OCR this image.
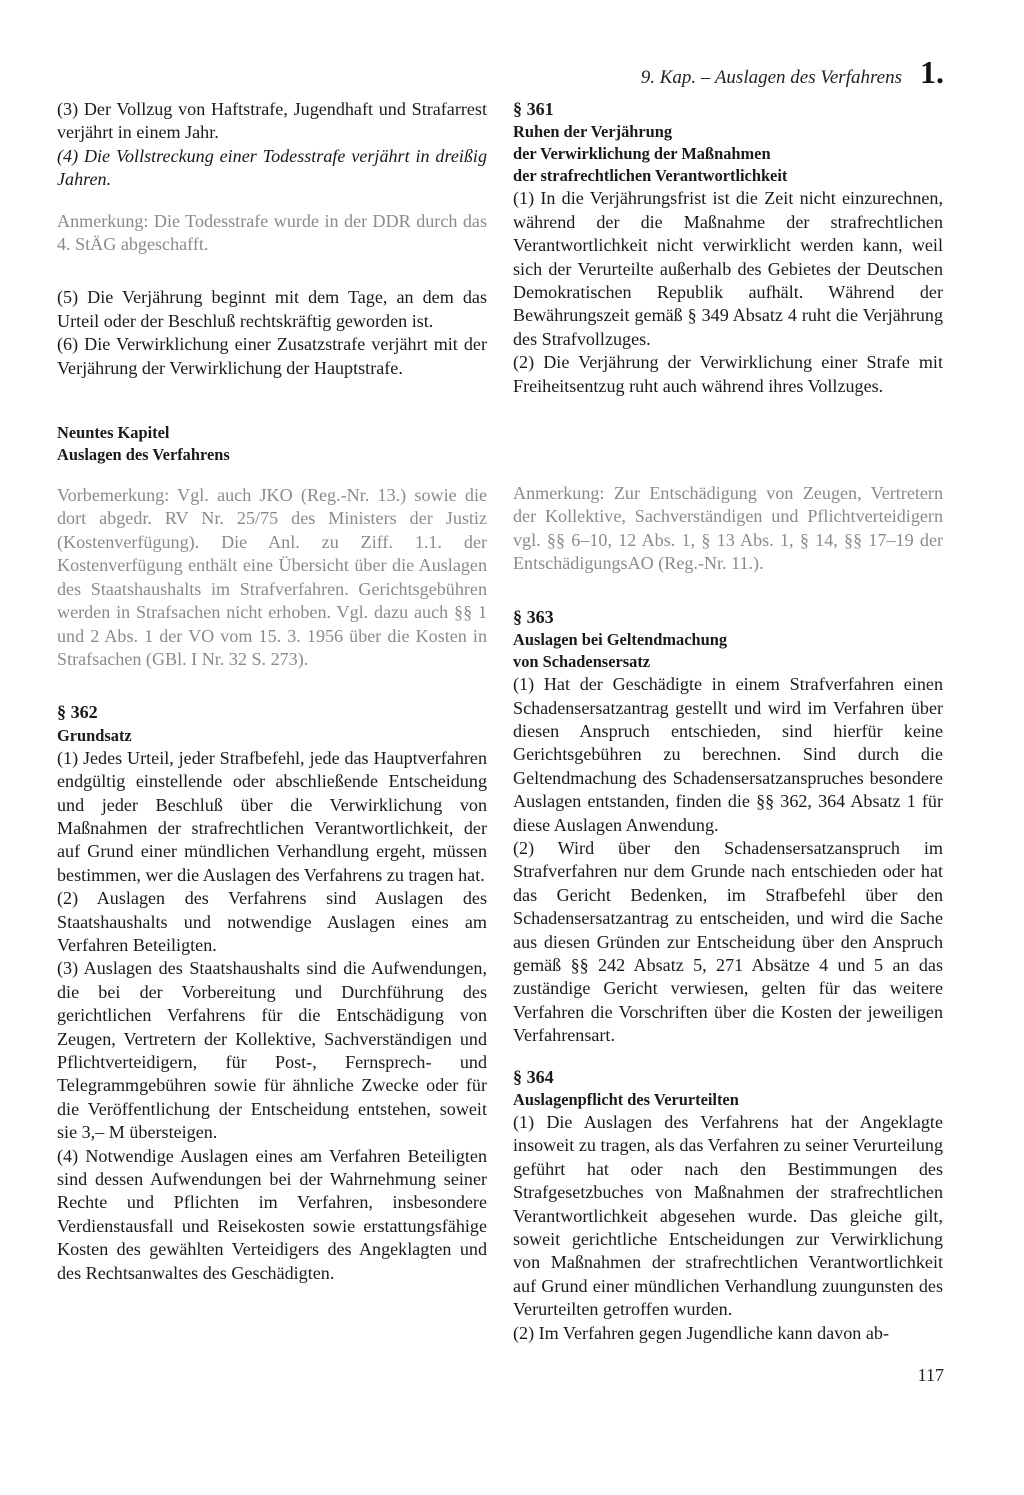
9. Kap. – Auslagen des Verfahrens 1.

(3) Der Vollzug von Haftstrafe, Jugendhaft und Strafarrest verjährt in einem Jahr.

(4) Die Vollstreckung einer Todesstrafe verjährt in dreißig Jahren.

Anmerkung: Die Todesstrafe wurde in der DDR durch das 4. StÄG abgeschafft.

(5) Die Verjährung beginnt mit dem Tage, an dem das Urteil oder der Beschluß rechtskräftig geworden ist.

(6) Die Verwirklichung einer Zusatzstrafe verjährt mit der Verjährung der Verwirklichung der Hauptstrafe.

Neuntes Kapitel

Auslagen des Verfahrens

Vorbemerkung: Vgl. auch JKO (Reg.-Nr. 13.) sowie die dort abgedr. RV Nr. 25/75 des Ministers der Justiz (Kostenverfügung). Die Anl. zu Ziff. 1.1. der Kostenverfügung enthält eine Übersicht über die Auslagen des Staatshaushalts im Strafverfahren. Gerichtsgebühren werden in Strafsachen nicht erhoben. Vgl. dazu auch §§ 1 und 2 Abs. 1 der VO vom 15. 3. 1956 über die Kosten in Strafsachen (GBl. I Nr. 32 S. 273).

§ 362

Grundsatz

(1) Jedes Urteil, jeder Strafbefehl, jede das Hauptverfahren endgültig einstellende oder abschließende Entscheidung und jeder Beschluß über die Verwirklichung von Maßnahmen der strafrechtlichen Verantwortlichkeit, der auf Grund einer mündlichen Verhandlung ergeht, müssen bestimmen, wer die Auslagen des Verfahrens zu tragen hat.

(2) Auslagen des Verfahrens sind Auslagen des Staatshaushalts und notwendige Auslagen eines am Verfahren Beteiligten.

(3) Auslagen des Staatshaushalts sind die Aufwendungen, die bei der Vorbereitung und Durchführung des gerichtlichen Verfahrens für die Entschädigung von Zeugen, Vertretern der Kollektive, Sachverständigen und Pflichtverteidigern, für Post-, Fernsprech- und Telegrammgebühren sowie für ähnliche Zwecke oder für die Veröffentlichung der Entscheidung entstehen, soweit sie 3,– M übersteigen.

(4) Notwendige Auslagen eines am Verfahren Beteiligten sind dessen Aufwendungen bei der Wahrnehmung seiner Rechte und Pflichten im Verfahren, insbesondere Verdienstausfall und Reisekosten sowie erstattungsfähige Kosten des gewählten Verteidigers des Angeklagten und des Rechtsanwaltes des Geschädigten.

§ 361

Ruhen der Verjährung

der Verwirklichung der Maßnahmen

der strafrechtlichen Verantwortlichkeit

(1) In die Verjährungsfrist ist die Zeit nicht einzurechnen, während der die Maßnahme der strafrechtlichen Verantwortlichkeit nicht verwirklicht werden kann, weil sich der Verurteilte außerhalb des Gebietes der Deutschen Demokratischen Republik aufhält. Während der Bewährungszeit gemäß § 349 Absatz 4 ruht die Verjährung des Strafvollzuges.

(2) Die Verjährung der Verwirklichung einer Strafe mit Freiheitsentzug ruht auch während ihres Vollzuges.

Anmerkung: Zur Entschädigung von Zeugen, Vertretern der Kollektive, Sachverständigen und Pflichtverteidigern vgl. §§ 6–10, 12 Abs. 1, § 13 Abs. 1, § 14, §§ 17–19 der EntschädigungsAO (Reg.-Nr. 11.).

§ 363

Auslagen bei Geltendmachung

von Schadensersatz

(1) Hat der Geschädigte in einem Strafverfahren einen Schadensersatzantrag gestellt und wird im Verfahren über diesen Anspruch entschieden, sind hierfür keine Gerichtsgebühren zu berechnen. Sind durch die Geltendmachung des Schadensersatzanspruches besondere Auslagen entstanden, finden die §§ 362, 364 Absatz 1 für diese Auslagen Anwendung.

(2) Wird über den Schadensersatzanspruch im Strafverfahren nur dem Grunde nach entschieden oder hat das Gericht Bedenken, im Strafbefehl über den Schadensersatzantrag zu entscheiden, und wird die Sache aus diesen Gründen zur Entscheidung über den Anspruch gemäß §§ 242 Absatz 5, 271 Absätze 4 und 5 an das zuständige Gericht verwiesen, gelten für das weitere Verfahren die Vorschriften über die Kosten der jeweiligen Verfahrensart.

§ 364

Auslagenpflicht des Verurteilten

(1) Die Auslagen des Verfahrens hat der Angeklagte insoweit zu tragen, als das Verfahren zu seiner Verurteilung geführt hat oder nach den Bestimmungen des Strafgesetzbuches von Maßnahmen der strafrechtlichen Verantwortlichkeit abgesehen wurde. Das gleiche gilt, soweit gerichtliche Entscheidungen zur Verwirklichung von Maßnahmen der strafrechtlichen Verantwortlichkeit auf Grund einer mündlichen Verhandlung zuungunsten des Verurteilten getroffen wurden.

(2) Im Verfahren gegen Jugendliche kann davon ab-

117
